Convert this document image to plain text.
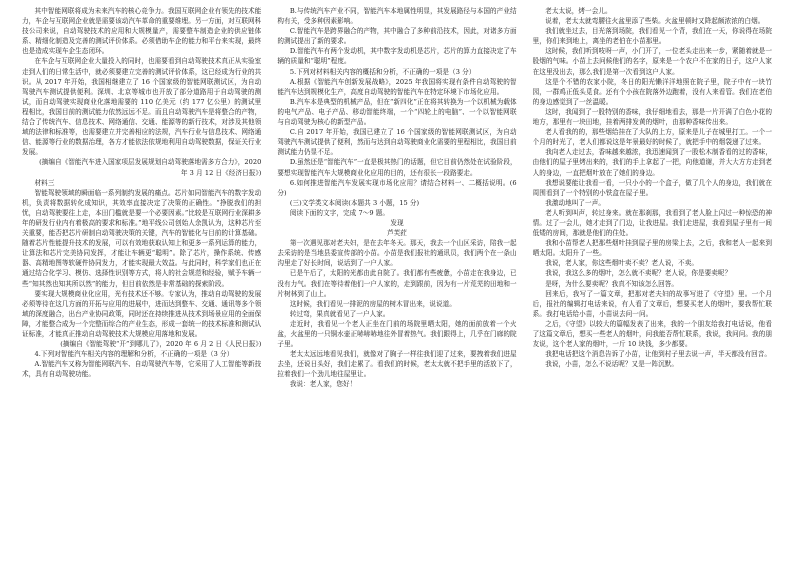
其中智能网联将成为未来汽车的核心竞争力。我国互联网企业有领先的技术能力，车企与互联网企业就是需要该动汽车革命的重要维埋。另一方面，对互联网科技公司来说，自动驾驶技术的应用和大规模量产，需要整车制造企业的供应链体系、精细化制造及完善的测试评价体系。必须借助车企的能力和平台来实现，最终也是造成实现车企生态闭环。

在车企与互联网企业大量投入的同时，也需要看到自动驾驶技术真正从实验室走到人们的日常生活中，就必须要建立完善的测试评价体系，这已经成为行业的共识。从 2017 年开始，我国相继建立了 16 个国家级的智能网联测试区，为自动驾驶汽车测试提供便利。深圳、北京等城市也开放了部分道路用于自动驾驶的测试，而自动驾驶实现商业化落地需要的 110 亿美元（约 177 亿公里）的测试里程相比，我国目前的测试能力依然远远不足。而且自动驾驶汽车是将整合的产物，结合了传统汽车、信息技术、网络通信、交通、能源等的新行技术，对涉及其他领域的法律和标准等，也需要建立并完善相应的法规，汽车行业与信息技术、网络通信、能源等行业的数据治理，各方才能依法依规地利用自动驾驶数据，保证关行业发展。

(摘编自《智能汽车进入国家项层发展规划自动驾驶落地需多方合力》，2020 年 3 月 12 日《经济日报》)

材料三

智能驾驶领域的瞬面临一系列制约发展的痛点。芯片如同智能汽车的数字发动机，负责将数据转化成知识，其效率直接决定了决策的正确性。“挣脱我们的担忧，自动驾驶要往上走，本田门槛就是要一个必要因素。”比较是互联网行业深耕多年的研发行业内有着极高的要求和标准。”地平线公司创始人余凯认为，这种芯片至关重要，能否把芯片研制自动驾驶决策的关键，汽车的智能化与目前的计算基础。随着芯片性能提升技术的发展，可以有效地获取认知上和更多一系列运算的能力，让算法和芯片完美协同发挥，才能让车辆更“聪明”。除了芯片，操作系统、传感器、高精地图等软硬件协同发力，才能实现最大效益。与此同时，科学家们也正在通过结合化学习、模仿、选择性识别等方式，将人的社会规范和经验，赋予车辆一些“知其然也知其所以然”的能力，但目前依然是非常基础的探索阶段。

要实现大规模商业化应用，光有技术还不够。专家认为，推动自动驾驶的发展必须等待在这几方面的开拓与应用的进展中，进而达到整车、交通、通讯等多个领域的深度融合，出台产业协同政策，同时还在持续推进从技术到场景应用的全面保障，才能整合成为一个完整而综合的产业生态，形成一套统一的技术标准和测试认证标准，才能真正推动自动驾驶技术大规模应用落地和发展。

(摘编自《智能驾驶“开”到哪儿了》，2020 年 6 月 2 日《人民日报》)

4.下列对智能汽车相关内容的理解和分析，不正确的一项是（3 分）

A.智能汽车又称为智能网联汽车、自动驾驶汽车等，它采用了人工智能等新技术，具有自动驾驶功能。

B.与传统汽车产业不同，智能汽车本地属性明显，其发展路径与本国的产业结构有关，受多种因素影响。

C.智能汽车是跨界融合的产物，其中融合了多种前沿技术，因此，对诸多方面的测试提出了新的要求。

D.智能汽车有两个发动机，其中数字发动机是芯片，芯片的算力直接决定了车辆的质量和“聪明”程度。

5.下列对材料相关内容的概括和分析，不正确的一项是（3 分）

A.根据《智能汽车创新发展战略》，2025 年我国将实现有条件自动驾驶的智能汽车达到规模化生产，高度自动驾驶的智能汽车在特定环境下市场化应用。

B.汽车本是典型的机械产品，但在“新四化”正在将其转换为一个以机械为载体的电气产品、电子产品、移动智能终端，一个“四轮上的电脑”、一个以智能网联与自动驾驶为核心的新型产品。

C.自 2017 年开始，我国已建立了 16 个国家级的智能网联测试区，为自动驾驶汽车测试提供了便利，然而与达到自动驾驶商业化需要的里程相比，我国目前测试能力仍显不足。

D.虽然还是“智能汽车”一直是极其热门的话题，但它目前仍然处在试验阶段，要想实现智能汽车大规模商业化应用的目的，还有很长一段路要走。

6.如何推进智能汽车发展实现市场化应用？请结合材料一、二概括说明。(6 分)

(三)文学类文本阅读(本题共 3 小题，15 分)

阅读下面的文字，完成 7～9 题。

发现

芦芙荭

第一次遇见那对老夫妇，是在去年冬天。那天，我去一个山区采访，陪我一起去采访的是当地县委宣传部的小苗。小苗是我们报社的通讯员，我们两个在一条山沟里走了好长时间，说话到了一户人家。

已是午后了，太阳的光都由此自院了。我们都有些疲惫，小苗走在我身边，已没有力气。我们在等待着他们一户人家的，走到跟前，因为有一片荒芜的田地和一片树林到了山上。

这时候，我们看见一排泥的房屋的树木冒出来，说说道。

转过弯，果真就看见了一户人家。

走近时，我看见一个老人正坐在门前的场院里晒太阳，她的面前放着一个火盆，火盆里的一只铜水壶正哧哧哧地往外冒着热气。我们跟得上，几乎在门廊的院子里。

老太太远远地看见我们，就像对了胸子一样往我们迎了过来，要拽着我们进屋去坐，还说日头好，我们走累了。看我们的时候，老太太就不把手里的活放下了，拉着我们一个劲儿地往屋里让。

我说：老人家，您好！

老太太说，烤一会儿。

说着，老太太就弯腰往火盆里添了些柴。火盆里顿时又降起颇浓浓的白烟。

我们就坐过去，目光落到场院，我们看见一个背，我们在一天，你说得在场院里，你们来到地上，离坐的老伯在小苗那里。

这时候，我们听到吱呀一声，小门开了，一位老头走出来一步，紧随着就是一股烟的气味。小苗上去问候他们的名字，原来是一个农户不在家的日子，这户人家在这里没出去，那么我们是第一次看到这户人家。

这是个不错的农家小院，冬日的阳光懒洋洋地照在院子里，院子中有一块竹园，一群鸡正低头觅食。还有个小孩在院落外边跑着，没有人来看管。我们在老伯的身边感觉到了一丝温暖。

这时，我闻到了一股特别的香味，我仔细地看去，那是一片开满了白色小花的地方，那里有一块田地，挂着两排发黄的烟叶，由那种香味传出来。

老人看我的的，那些烟给挂在了大队的上方，原来是儿子在城里打工。一个一个月的时光了，老人们都说这是年景最好的时候了，就把手中的烟袋递了过来。

我向老人走过去，香味越来越浓，我迅速闻到了一股松木制香看的过的香味，由他们的屋子里烤出来的，我们的手上拿起了一把，向他道谢，并大大方方走到老人的身边，一直把烟叶放在了她们的身边。

我想说要能让我看一看，一只小小的一个盒子，做了几个人的身边，我们就在周围看到了一个特别的小铁盒在屋子里。

我激动地叫了一声。

老人听到叫声，转过身来。就在那刹那，我看到了老人脸上闪过一种惊恐的神情。过了一会儿，她才走到了门边，让我进屋。我们走进屋，我看到屋子里有一间低矮的房间，那就是他们的住处。

我和小苗帮老人把那些烟叶挂到屋子里的房梁上去，之后，我和老人一起来到晒太阳。太阳升了一些。

我说，老人家，你这些烟叶卖不卖？老人说，不卖。

我说，我这么多的烟叶，怎么就不卖呢？老人说，你是要卖呢？

是呀，为什么要卖呢？我真不知该怎么回答。

回来后，我写了一篇文章，把那对老夫妇的故事写进了《守望》里。一个月后，报社的编辑打电话来说，有人看了文章后，想要买老人的烟叶，要我帮忙联系。我打电话给小苗，小苗说去问一问。

之后，《守望》以较大的篇幅发表了出来，我的一个朋友给我打电话说，他看了这篇文章后，想买一些老人的烟叶，问我能否帮忙联系，我说，我问问。我的朋友说，这个老人家的烟叶，一斤 10 块钱，多少都要。

我把电话把这个消息告诉了小苗，让他到村子里去说一声，半天都没有回音。

我说，小苗，怎么不说话呢？又是一阵沉默。
